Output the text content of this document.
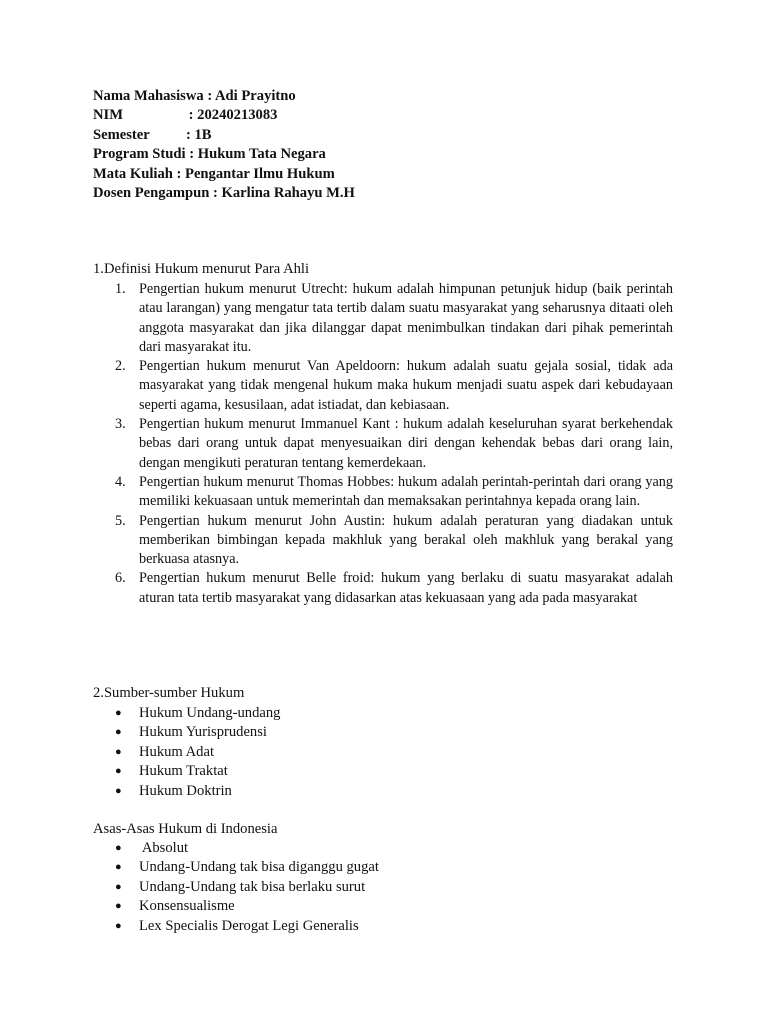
Nama Mahasiswa : Adi Prayitno
NIM                  : 20240213083
Semester          : 1B
Program Studi : Hukum Tata Negara
Mata Kuliah : Pengantar Ilmu Hukum
Dosen Pengampun : Karlina Rahayu M.H
1.Definisi Hukum menurut Para Ahli
1. Pengertian hukum menurut Utrecht: hukum adalah himpunan petunjuk hidup (baik perintah atau larangan) yang mengatur tata tertib dalam suatu masyarakat yang seharusnya ditaati oleh anggota masyarakat dan jika dilanggar dapat menimbulkan tindakan dari pihak pemerintah dari masyarakat itu.
2. Pengertian hukum menurut Van Apeldoorn: hukum adalah suatu gejala sosial, tidak ada masyarakat yang tidak mengenal hukum maka hukum menjadi suatu aspek dari kebudayaan seperti agama, kesusilaan, adat istiadat, dan kebiasaan.
3. Pengertian hukum menurut Immanuel Kant : hukum adalah keseluruhan syarat berkehendak bebas dari orang untuk dapat menyesuaikan diri dengan kehendak bebas dari orang lain, dengan mengikuti peraturan tentang kemerdekaan.
4. Pengertian hukum menurut Thomas Hobbes: hukum adalah perintah-perintah dari orang yang memiliki kekuasaan untuk memerintah dan memaksakan perintahnya kepada orang lain.
5. Pengertian hukum menurut John Austin: hukum adalah peraturan yang diadakan untuk memberikan bimbingan kepada makhluk yang berakal oleh makhluk yang berakal yang berkuasa atasnya.
6. Pengertian hukum menurut Belle froid: hukum yang berlaku di suatu masyarakat adalah aturan tata tertib masyarakat yang didasarkan atas kekuasaan yang ada pada masyarakat
2.Sumber-sumber Hukum
● Hukum Undang-undang
● Hukum Yurisprudensi
● Hukum Adat
● Hukum Traktat
● Hukum Doktrin
Asas-Asas Hukum di Indonesia
● Absolut
● Undang-Undang tak bisa diganggu gugat
● Undang-Undang tak bisa berlaku surut
● Konsensualisme
● Lex Specialis Derogat Legi Generalis
